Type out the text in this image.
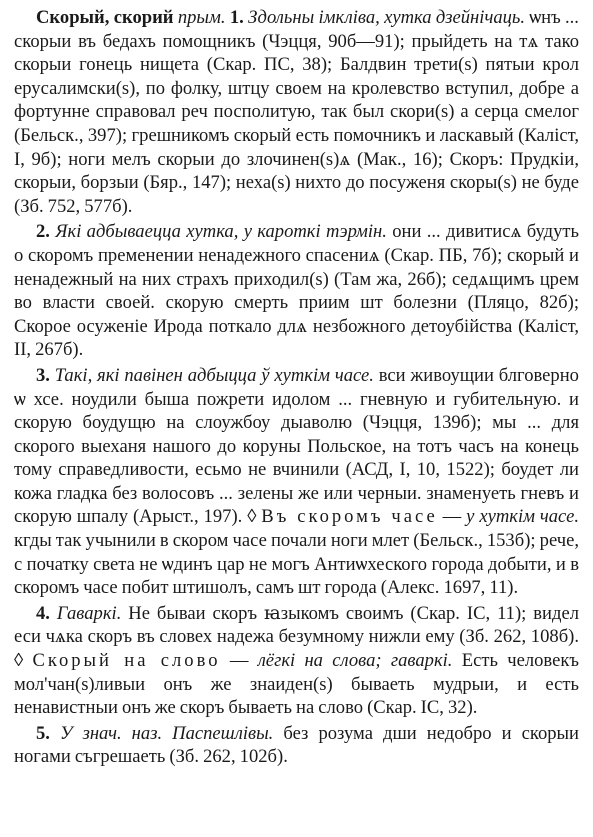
Скорый, скорий прым. 1. Здольны імкліва, хутка дзейнічаць. ѡнъ ... скорыи въ бедахъ помощникъ (Чэцця, 90б—91); прыйдеть на тѧ тако скорыи гонець нищета (Скар. ПС, 38); Балдвин трети(s) пятыи крол ерусалимски(s), по фолку, штцу своем на кролевство вступил, добре а фортунне справовал реч посполитую, так был скори(s) а серца смелог (Бельск., 397); грешникомъ скорый есть помочникъ и ласкавый (Каліст, І, 9б); ноги мелъ скорыи до злочинен(s)ѧ (Мак., 16); Скоръ: Прудкіи, скорыи, борзыи (Бяр., 147); неха(s) нихто до посуженя скоры(s) не буде (Зб. 752, 577б).

2. Які адбываецца хутка, у кароткі тэрмін. они ... дивитисѧ будуть о скоромъ пременении ненадежного спасениѧ (Скар. ПБ, 7б); скорый и ненадежный на них страхъ приходил(s) (Там жа, 26б); седѧщимъ црем во власти своей. скорую смерть приим шт болезни (Пляцо, 82б); Скорое осуженіе Ирода поткало длѧ незбожного детоубійства (Каліст, ІІ, 267б).

3. Такі, які павінен адбыцца ў хуткім часе. вси живоущии блговерно ѡ хсе. ноудили быша пожрети идолом ... гневную и губительную. и скорую боудущю на слоужбоу дыаволю (Чэцця, 139б); мы ... для скорого выеханя нашого до коруны Польское, на тотъ часъ на конець тому справедливости, есьмо не вчинили (АСД, І, 10, 1522); боудет ли кожа гладка без волосовъ ... зелены же или черныи. знаменуеть гневъ и скорую шпалу (Арыст., 197). ◊ Въ скоромъ часе — у хуткім часе. кгды так учынили в скором часе почали ноги млет (Бельск., 153б); рече, с початку света не ѡдинъ цар не могъ Антиѡхеского города добыти, и в скоромъ часе побит штишолъ, самъ шт города (Алекс. 1697, 11).

4. Гаваркі. Не бываи скоръ ꙗзыкомъ своимъ (Скар. ІС, 11); видел еси чѧка скоръ въ словех надежа безумному нижли ему (Зб. 262, 108б). ◊ Скорый на слово — лёгкі на слова; гаваркі. Есть человекъ мол'чан(s)ливыи онъ же знаиден(s) бываеть мудрыи, и есть ненавистныи онъ же скоръ бываеть на слово (Скар. ІС, 32).

5. У знач. наз. Паспешлівы. без розума дши недобро и скорыи ногами съгрешаеть (Зб. 262, 102б).
